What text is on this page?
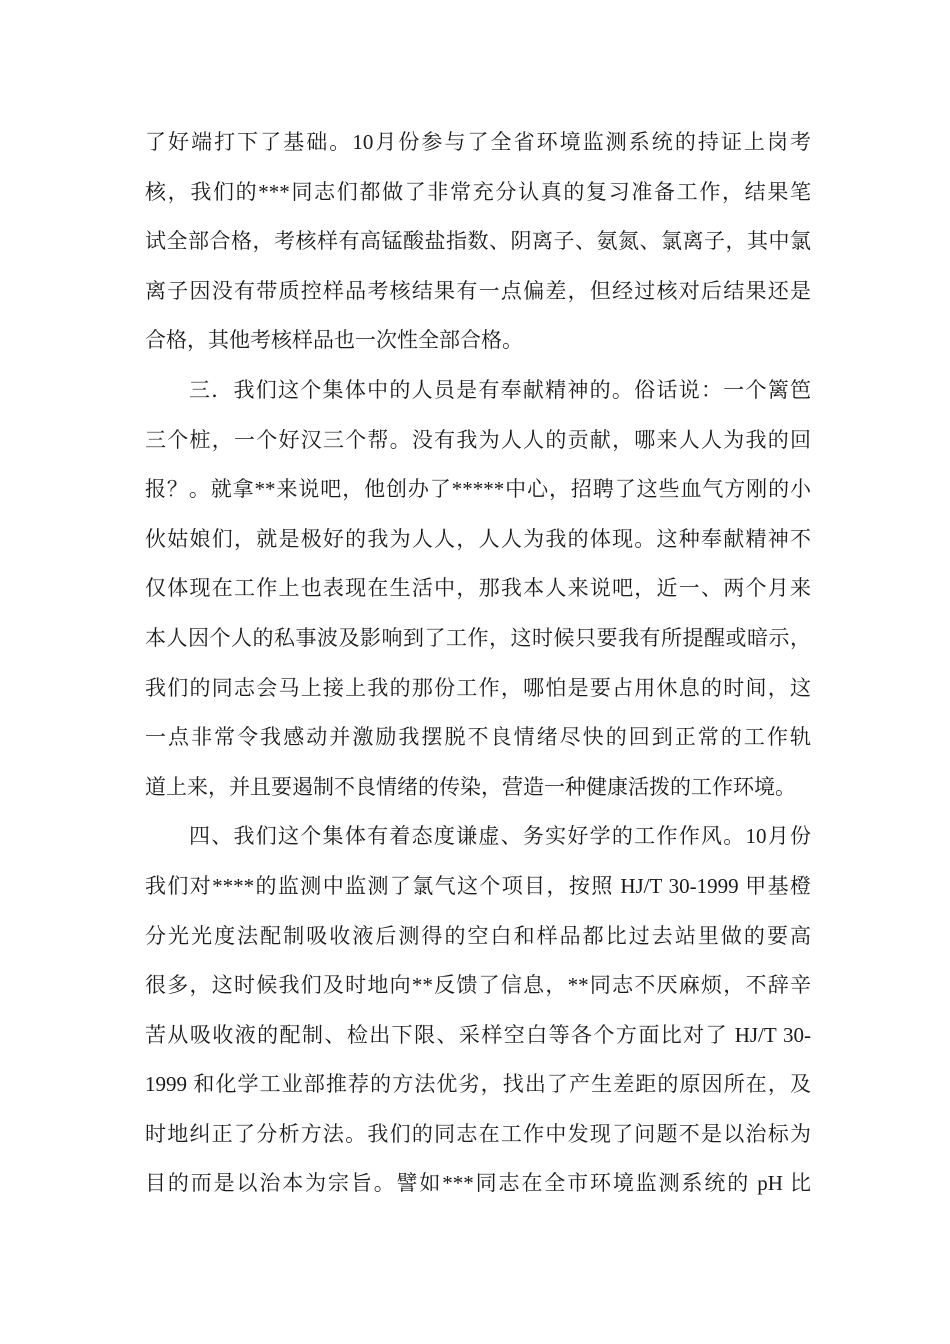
了好端打下了基础。10月份参与了全省环境监测系统的持证上岗考
核，我们的***同志们都做了非常充分认真的复习准备工作，结果笔
试全部合格，考核样有高锰酸盐指数、阴离子、氨氮、氯离子，其中氯
离子因没有带质控样品考核结果有一点偏差，但经过核对后结果还是
合格，其他考核样品也一次性全部合格。
三．我们这个集体中的人员是有奉献精神的。俗话说：一个篱笆
三个桩，一个好汉三个帮。没有我为人人的贡献，哪来人人为我的回
报？。就拿**来说吧，他创办了*****中心，招聘了这些血气方刚的小
伙姑娘们，就是极好的我为人人，人人为我的体现。这种奉献精神不
仅体现在工作上也表现在生活中，那我本人来说吧，近一、两个月来
本人因个人的私事波及影响到了工作，这时候只要我有所提醒或暗示，
我们的同志会马上接上我的那份工作，哪怕是要占用休息的时间，这
一点非常令我感动并激励我摆脱不良情绪尽快的回到正常的工作轨
道上来，并且要遏制不良情绪的传染，营造一种健康活拨的工作环境。
四、我们这个集体有着态度谦虚、务实好学的工作作风。10月份
我们对****的监测中监测了氯气这个项目，按照 HJ/T 30-1999 甲基橙
分光光度法配制吸收液后测得的空白和样品都比过去站里做的要高
很多，这时候我们及时地向**反馈了信息，**同志不厌麻烦，不辞辛
苦从吸收液的配制、检出下限、采样空白等各个方面比对了 HJ/T 30-
1999 和化学工业部推荐的方法优劣，找出了产生差距的原因所在，及
时地纠正了分析方法。我们的同志在工作中发现了问题不是以治标为
目的而是以治本为宗旨。譬如***同志在全市环境监测系统的 pH 比
